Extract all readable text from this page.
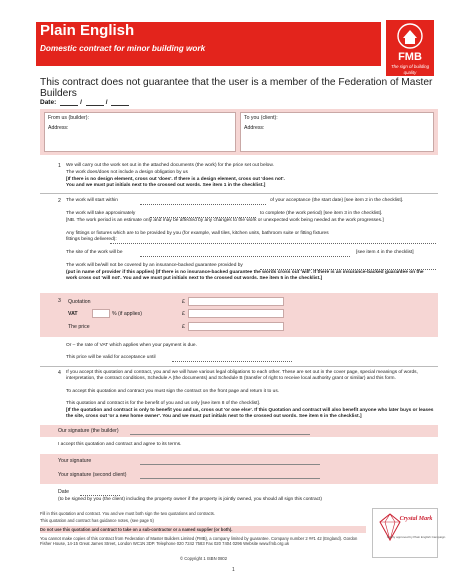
Plain English
Domestic contract for minor building work
FMB
The sign of building quality
This contract does not guarantee that the user is a member of the Federation of Master Builders
Date:	/	/
From us (builder):
Address:
To you (client):
Address:
1 We will carry out the work set out in the attached documents (the work) for the price set out below.
The work does/does not include a design obligation by us
[If there is no design element, cross out 'does'. If there is a design element, cross out 'does not'.
You and we must put initials next to the crossed out words. See item 1 in the checklist.]
2 The work will start within	of your acceptance (the start date) [see item 2 in the checklist].
The work will take approximately	to complete (the work period) [see item 3 in the checklist].
[NB. The work period is an estimate only and may be affected by any changes to the work or unexpected work being needed as the work progresses.]
Any fittings or fixtures which are to be provided by you (for example, wall tiles, kitchen units, bathroom suite or fitting fixtures
fittings being delivered):
The site of the work will be	[see item 4 in the checklist]
The work will be/will not be covered by an insurance-backed guarantee provided by
(put in name of provider if this applies) [If there is no insurance-backed guarantee the words cross out 'will'. If there is an insurance-backed guarantee on the work cross out 'will not'. You and we must put initials next to the crossed out words. See item 5 in the checklist.]
3 Quotation	£
VAT	% (if applies)	£
The price	£
Or – the rate of VAT which applies when your payment is due.
This price will be valid for acceptance until
4 If you accept this quotation and contract, you and we will have various legal obligations to each other. These are set out in the cover page, special meanings of words, interpretation, the contract conditions, Schedule A (the documents) and Schedule B (transfer of right to receive local authority grant or similar) and this form.
To accept this quotation and contract you must sign the contract on the front page and return it to us.
This quotation and contract is for the benefit of you and us only [see item 8 of the checklist].
[If the quotation and contract is only to benefit you and us, cross out 'or one else'. If this Quotation and contract will also benefit anyone who later buys or leases the site, cross out 'or a new home owner'. You and we must put initials next to the crossed out words. See item 6 in the checklist.]
Our signature (the builder)
I accept this quotation and contract and agree to its terms.
Your signature
Your signature (second client)
Date
(to be signed by you (the client) including the property owner if the property is jointly owned, you should all sign this contract)
Fill in this quotation and contract. You and we must both sign the two quotations and contracts.
This quotation and contract has guidance notes, (see page 5)
Do not use this quotation and contract to take on a sub-contractor or a named supplier (or both).
You cannot make copies of this contract from Federation of Master Builders Limited (FMB), a company limited by guarantee. Company number 2 ##1 42 (England). Gordon Fisher House, 14-15 Great James Street, London WC1N 3DP. Telephone 020 7242 7583 Fax 020 7404 0296 Website www.fmb.org.uk
© Copyright 1 ISBN 0802
Crystal Mark
Clarity approved by Plain English Campaign
1
